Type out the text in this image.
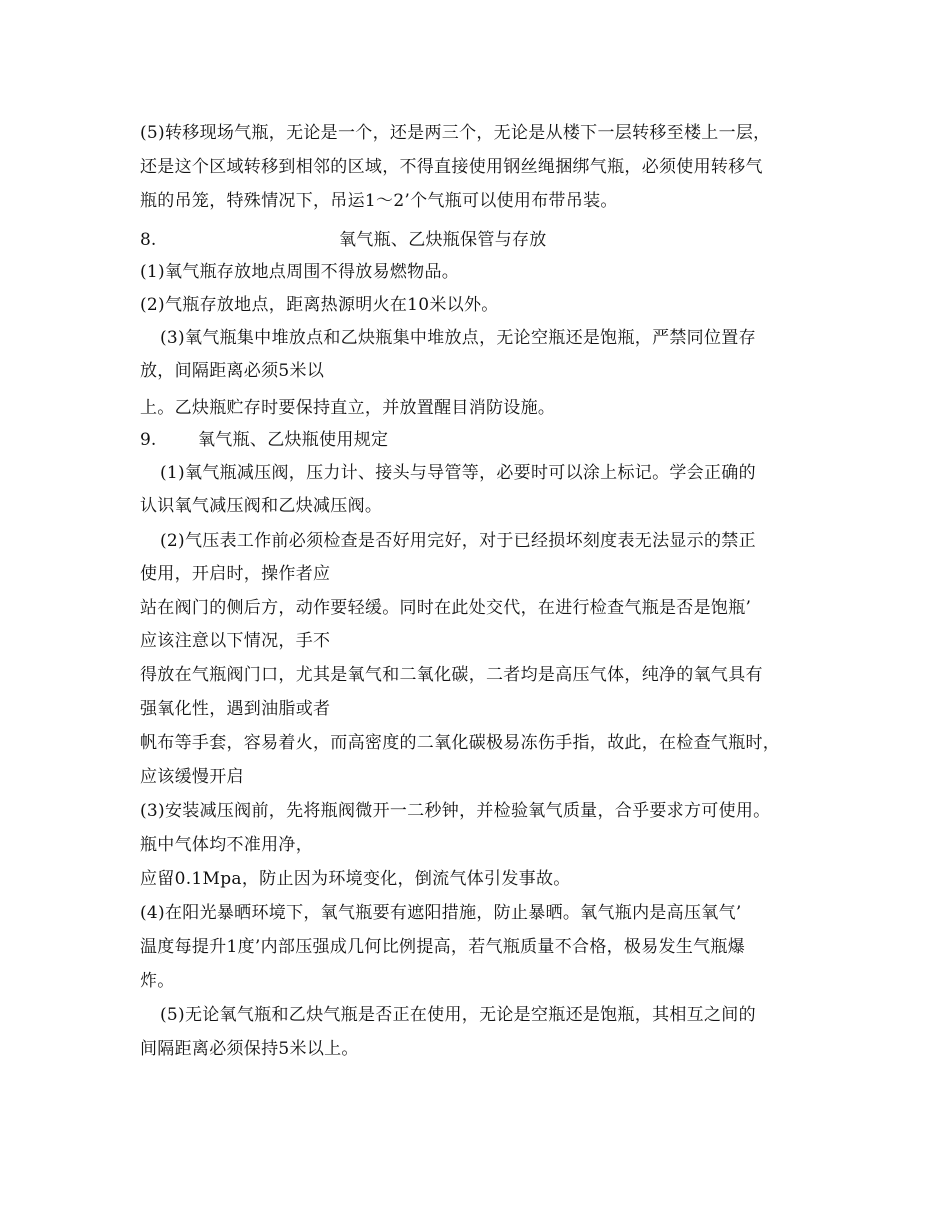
(5)转移现场气瓶，无论是一个，还是两三个，无论是从楼下一层转移至楼上一层，
还是这个区域转移到相邻的区域，不得直接使用钢丝绳捆绑气瓶，必须使用转移气
瓶的吊笼，特殊情况下，吊运1～2’个气瓶可以使用布带吊装。
8.	氧气瓶、乙炔瓶保管与存放
(1)氧气瓶存放地点周围不得放易燃物品。
(2)气瓶存放地点，距离热源明火在10米以外。
(3)氧气瓶集中堆放点和乙炔瓶集中堆放点，无论空瓶还是饱瓶，严禁同位置存
放，间隔距离必须5米以
上。乙炔瓶贮存时要保持直立，并放置醒目消防设施。
9. 氧气瓶、乙炔瓶使用规定
(1)氧气瓶减压阀，压力计、接头与导管等，必要时可以涂上标记。学会正确的
认识氧气减压阀和乙炔减压阀。
(2)气压表工作前必须检查是否好用完好，对于已经损坏刻度表无法显示的禁正
使用，开启时，操作者应
站在阀门的侧后方，动作要轻缓。同时在此处交代，在进行检查气瓶是否是饱瓶’
应该注意以下情况，手不
得放在气瓶阀门口，尤其是氧气和二氧化碳，二者均是高压气体，纯净的氧气具有
强氧化性，遇到油脂或者
帆布等手套，容易着火，而高密度的二氧化碳极易冻伤手指，故此，在检查气瓶时，
应该缓慢开启
(3)安装减压阀前，先将瓶阀微开一二秒钟，并检验氧气质量，合乎要求方可使用。
瓶中气体均不准用净，
应留0.1Mpa，防止因为环境变化，倒流气体引发事故。
(4)在阳光暴晒环境下，氧气瓶要有遮阳措施，防止暴晒。氧气瓶内是高压氧气’
温度每提升1度’内部压强成几何比例提高，若气瓶质量不合格，极易发生气瓶爆
炸。
(5)无论氧气瓶和乙炔气瓶是否正在使用，无论是空瓶还是饱瓶，其相互之间的
间隔距离必须保持5米以上。
